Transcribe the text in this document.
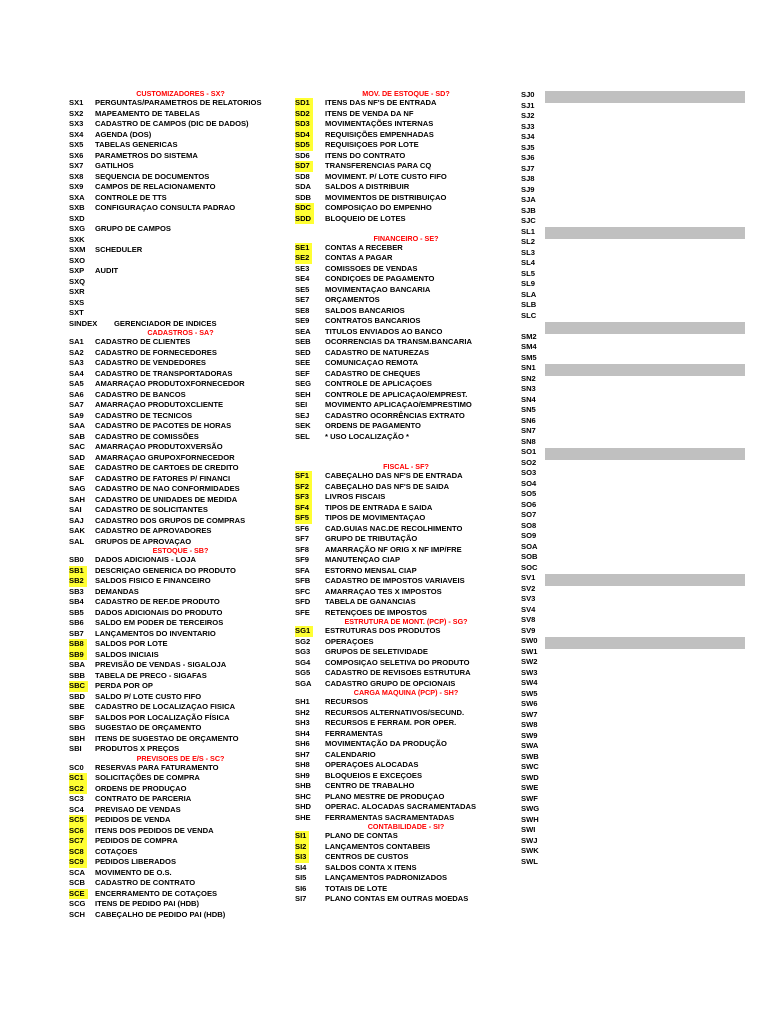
CUSTOMIZADORES - SX?
SX1 PERGUNTAS/PARAMETROS DE RELATORIOS
SX2 MAPEAMENTO DE TABELAS
SX3 CADASTRO DE CAMPOS (DIC DE DADOS)
SX4 AGENDA (DOS)
SX5 TABELAS GENERICAS
SX6 PARAMETROS DO SISTEMA
SX7 GATILHOS
SX8 SEQUENCIA DE DOCUMENTOS
SX9 CAMPOS DE RELACIONAMENTO
SXA CONTROLE DE TTS
SXB CONFIGURAÇAO CONSULTA PADRAO
SXD
SXG GRUPO DE CAMPOS
SXK
SXM SCHEDULER
SXO
SXP AUDIT
SXQ
SXR
SXS
SXT
SINDEX GERENCIADOR DE INDICES
CADASTROS - SA?
SA1 CADASTRO DE CLIENTES
SA2 CADASTRO DE FORNECEDORES
SA3 CADASTRO DE VENDEDORES
SA4 CADASTRO DE TRANSPORTADORAS
SA5 AMARRAÇAO PRODUTOXFORNECEDOR
SA6 CADASTRO DE BANCOS
SA7 AMARRAÇAO PRODUTOXCLIENTE
SA9 CADASTRO DE TECNICOS
SAA CADASTRO DE PACOTES DE HORAS
SAB CADASTRO DE COMISSÕES
SAC AMARRAÇAO PRODUTOXVERSÃO
SAD AMARRAÇAO GRUPOXFORNECEDOR
SAE CADASTRO DE CARTOES DE CREDITO
SAF CADASTRO DE FATORES P/ FINANCI
SAG CADASTRO DE NAO CONFORMIDADES
SAH CADASTRO DE UNIDADES DE MEDIDA
SAI CADASTRO DE SOLICITANTES
SAJ CADASTRO DOS GRUPOS DE COMPRAS
SAK CADASTRO DE APROVADORES
SAL GRUPOS DE APROVAÇAO
ESTOQUE - SB?
SB0 DADOS ADICIONAIS - LOJA
SB1	DESCRIÇAO GENERICA DO PRODUTO
SB2	SALDOS FISICO E FINANCEIRO
SB3 DEMANDAS
SB4 CADASTRO DE REF.DE PRODUTO
SB5 DADOS ADICIONAIS DO PRODUTO
SB6 SALDO EM PODER DE TERCEIROS
SB7 LANÇAMENTOS DO INVENTARIO
SB8	SALDOS POR LOTE
SB9	SALDOS INICIAIS
SBA PREVISÃO DE VENDAS - SIGALOJA
SBB TABELA DE PRECO - SIGAFAS
SBC	PERDA POR OP
SBD SALDO P/ LOTE CUSTO FIFO
SBE CADASTRO DE LOCALIZAÇAO FISICA
SBF SALDOS POR LOCALIZAÇÃO FÍSICA
SBG SUGESTAO DE ORÇAMENTO
SBH ITENS DE SUGESTAO DE ORÇAMENTO
SBI PRODUTOS X PREÇOS
PREVISOES DE E/S - SC?
SC0 RESERVAS PARA FATURAMENTO
SC1	SOLICITAÇÕES DE COMPRA
SC2	ORDENS DE PRODUÇAO
SC3 CONTRATO DE PARCERIA
SC4 PREVISAO DE VENDAS
SC5	PEDIDOS DE VENDA
SC6	ITENS DOS PEDIDOS DE VENDA
SC7	PEDIDOS DE COMPRA
SC8	COTAÇOES
SC9	PEDIDOS LIBERADOS
SCA MOVIMENTO DE O.S.
SCB CADASTRO DE CONTRATO
SCE	ENCERRAMENTO DE COTAÇOES
SCG ITENS DE PEDIDO PAI (HDB)
SCH CABEÇALHO DE PEDIDO PAI (HDB)
MOV. DE ESTOQUE - SD?
SD1	ITENS DAS NF'S DE ENTRADA
SD2	ITENS DE VENDA DA NF
SD3	MOVIMENTAÇÕES INTERNAS
SD4	REQUISIÇÕES EMPENHADAS
SD5	REQUISIÇOES POR LOTE
SD6 ITENS DO CONTRATO
SD7	TRANSFERENCIAS PARA CQ
SD8 MOVIMENT. P/ LOTE CUSTO FIFO
SDA SALDOS A DISTRIBUIR
SDB MOVIMENTOS DE DISTRIBUIÇAO
SDC	COMPOSIÇAO DO EMPENHO
SDD	BLOQUEIO DE LOTES
FINANCEIRO - SE?
SE1	CONTAS A RECEBER
SE2	CONTAS A PAGAR
SE3 COMISSOES DE VENDAS
SE4 CONDIÇOES DE PAGAMENTO
SE5 MOVIMENTAÇAO BANCARIA
SE7 ORÇAMENTOS
SE8 SALDOS BANCARIOS
SE9 CONTRATOS BANCARIOS
SEA TITULOS ENVIADOS AO BANCO
SEB OCORRENCIAS DA TRANSM.BANCARIA
SED CADASTRO DE NATUREZAS
SEE COMUNICAÇAO REMOTA
SEF CADASTRO DE CHEQUES
SEG CONTROLE DE APLICAÇOES
SEH CONTROLE DE APLICAÇAO/EMPREST.
SEI MOVIMENTO APLICAÇAO/EMPRESTIMO
SEJ CADASTRO OCORRÊNCIAS EXTRATO
SEK ORDENS DE PAGAMENTO
SEL * USO LOCALIZAÇÃO *
FISCAL - SF?
SF1	CABEÇALHO DAS NF'S DE ENTRADA
SF2	CABEÇALHO DAS NF'S DE SAIDA
SF3	LIVROS FISCAIS
SF4	TIPOS DE ENTRADA E SAIDA
SF5	TIPOS DE MOVIMENTAÇAO
SF6 CAD.GUIAS NAC.DE RECOLHIMENTO
SF7 GRUPO DE TRIBUTAÇÃO
SF8 AMARRAÇÃO NF ORIG X NF IMP/FRE
SF9 MANUTENÇAO CIAP
SFA ESTORNO MENSAL CIAP
SFB CADASTRO DE IMPOSTOS VARIAVEIS
SFC AMARRAÇAO TES X IMPOSTOS
SFD TABELA DE GANANCIAS
SFE RETENÇOES DE IMPOSTOS
ESTRUTURA DE MONT. (PCP) - SG?
SG1	ESTRUTURAS DOS PRODUTOS
SG2 OPERAÇOES
SG3 GRUPOS DE SELETIVIDADE
SG4 COMPOSIÇAO SELETIVA DO PRODUTO
SG5 CADASTRO DE REVISOES ESTRUTURA
SGA CADASTRO GRUPO DE OPCIONAIS
CARGA MAQUINA (PCP) - SH?
SH1 RECURSOS
SH2 RECURSOS ALTERNATIVOS/SECUND.
SH3 RECURSOS E FERRAM. POR OPER.
SH4 FERRAMENTAS
SH6 MOVIMENTAÇÃO DA PRODUÇÃO
SH7 CALENDARIO
SH8 OPERAÇOES ALOCADAS
SH9 BLOQUEIOS E EXCEÇOES
SHB CENTRO DE TRABALHO
SHC PLANO MESTRE DE PRODUÇAO
SHD OPERAC. ALOCADAS SACRAMENTADAS
SHE FERRAMENTAS SACRAMENTADAS
CONTABILIDADE - SI?
SI1	PLANO DE CONTAS
SI2	LANÇAMENTOS CONTABEIS
SI3	CENTROS DE CUSTOS
SI4 SALDOS CONTA X ITENS
SI5 LANÇAMENTOS PADRONIZADOS
SI6 TOTAIS DE LOTE
SI7 PLANO CONTAS EM OUTRAS MOEDAS
SJ0
SJ1
SJ2
SJ3
SJ4
SJ5
SJ6
SJ7
SJ8
SJ9
SJA
SJB
SJC
SL1
SL2
SL3
SL4
SL5
SL9
SLA
SLB
SLC
SM2
SM4
SM5
SN1
SN2
SN3
SN4
SN5
SN6
SN7
SN8
SO1
SO2
SO3
SO4
SO5
SO6
SO7
SO8
SO9
SOA
SOB
SOC
SV1
SV2
SV3
SV4
SV8
SV9
SW0
SW1
SW2
SW3
SW4
SW5
SW6
SW7
SW8
SW9
SWA
SWB
SWC
SWD
SWE
SWF
SWG
SWH
SWI
SWJ
SWK
SWL
